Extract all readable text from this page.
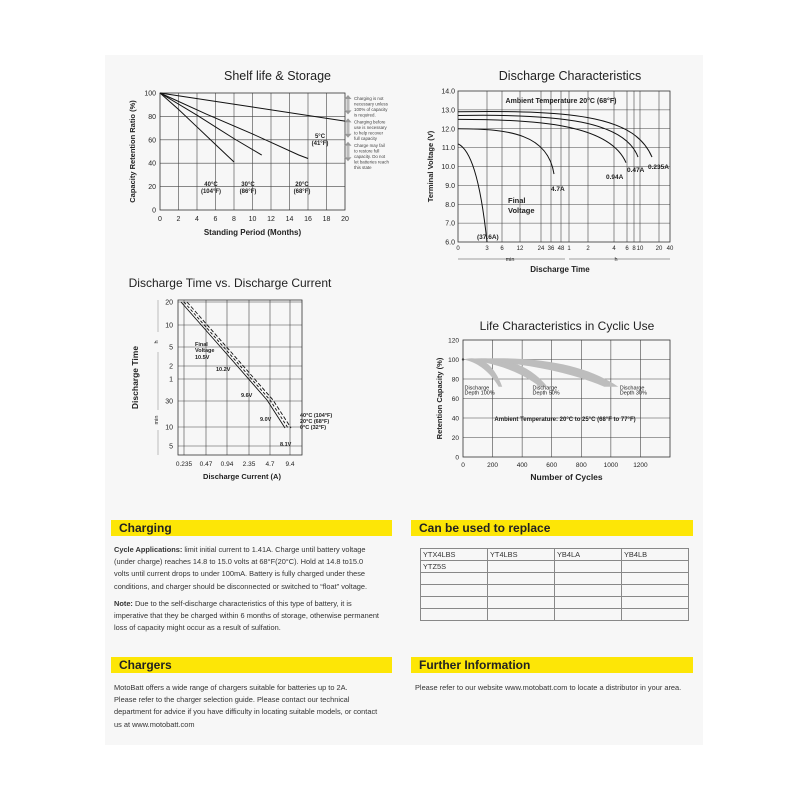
Shelf life & Storage
0 2 4 6 8 10 12 14 16 18 20
0
20
40
60
80
100
Standing Period (Months)
Capacity Retention Ratio (%)	40°C
(104°F)
30°C
(86°F)
20°C
(68°F)
5°C
(41°F)
Charging is not
necessary unless
100% of capacity
is required.
Charging before
use is necessary
to help recover
full capacity
Charge may fail
to restore full
capacity. Do not
let batteries reach
this state
Discharge Characteristics
6.0
7.0
8.0
9.0
10.0
11.0
12.0
13.0
14.0
0	3 6 12 24 36 48 1	2	4 6 8 10 20 40
min	h
Discharge Time
Terminal Voltage (V)
Ambient Temperature 20°C (68°F)
Final
Voltage
(37.6A)
4.7A
0.94A
0.47A 0.235A
Discharge Time vs. Discharge Current
20
10
5
2
1
30
10
5
0.235 0.47 0.94 2.35 4.7 9.4
h
min
Discharge Current (A)
Discharge Time
Final
Voltage
10.5V
10.2V
9.6V
9.0V
8.1V
40°C (104°F)
20°C (68°F)
0°C (32°F)
Life Characteristics in Cyclic Use
0	200	400	600	800	1000 1200
0
20
40
60
80
100
120
Number of Cycles
Retention Capacity (%)	Discharge
Depth 100%
Discharge
Depth 50%
Discharge
Depth 30%
Ambient Temperature: 20°C to 25°C (68°F to 77°F)
Charging
Cycle Applications: limit initial current to 1.41A. Charge until battery voltage
(under charge) reaches 14.8 to 15.0 volts at 68°F(20°C). Hold at 14.8 to15.0
volts until current drops to under 100mA. Battery is fully charged under these
conditions, and charger should be disconnected or switched to “float” voltage.
Note: Due to the self-discharge characteristics of this type of battery, it is
imperative that they be charged within 6 months of storage, otherwise permanent
loss of capacity might occur as a result of sulfation.
Can be used to replace
YTX4LBS	YT4LBS	YB4LA	YB4LB
YTZ5S			

Chargers
MotoBatt offers a wide range of chargers suitable for batteries up to 2A.
Please refer to the charger selection guide. Please contact our technical
department for advice if you have difficulty in locating suitable models, or contact
us at www.motobatt.com
Further Information
Please refer to our website www.motobatt.com to locate a distributor in your area.
